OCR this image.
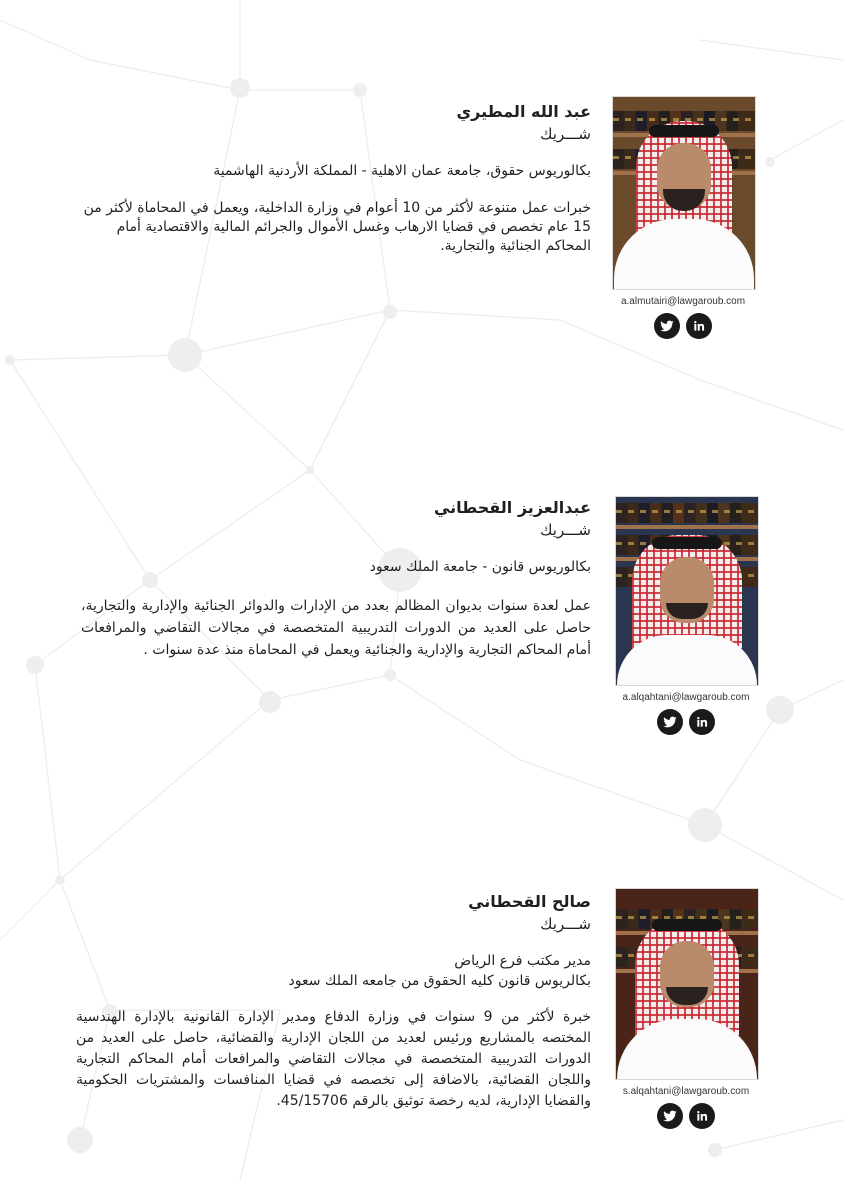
عبد الله المطيري

شـــريك

بكالوريوس حقوق، جامعة عمان الاهلية - المملكة الأردنية الهاشمية

خبرات عمل متنوعة لأكثر من 10 أعوام في وزارة الداخلية، ويعمل في المحاماة لأكثر من 15 عام تخصص في قضايا الارهاب وغسل الأموال والجرائم المالية والاقتصادية أمام المحاكم الجنائية والتجارية.

a.almutairi@lawgaroub.com
عبدالعزيز القحطاني

شـــريك

بكالوريوس قانون - جامعة الملك سعود

عمل لعدة سنوات بديوان المظالم بعدد من الإدارات والدوائر الجنائية والإدارية والتجارية، حاصل على العديد من الدورات التدريبية المتخصصة في مجالات التقاضي والمرافعات أمام المحاكم التجارية والإدارية والجنائية ويعمل في المحاماة منذ عدة سنوات .

a.alqahtani@lawgaroub.com
صالح القحطاني

شـــريك

مدير مكتب فرع الرياض

بكالريوس قانون كليه الحقوق من جامعه الملك سعود

خبرة لأكثر من 9 سنوات في وزارة الدفاع ومدير الإدارة القانونية بالإدارة الهندسية المختصه بالمشاريع ورئيس لعديد من اللجان الإدارية والقضائية، حاصل على العديد من الدورات التدريبية المتخصصة في مجالات التقاضي والمرافعات أمام المحاكم التجارية واللجان القضائية، بالاضافة إلى تخصصه في قضايا المنافسات والمشتريات الحكومية والقضايا الإدارية، لديه رخصة توثيق بالرقم 45/15706.

s.alqahtani@lawgaroub.com
